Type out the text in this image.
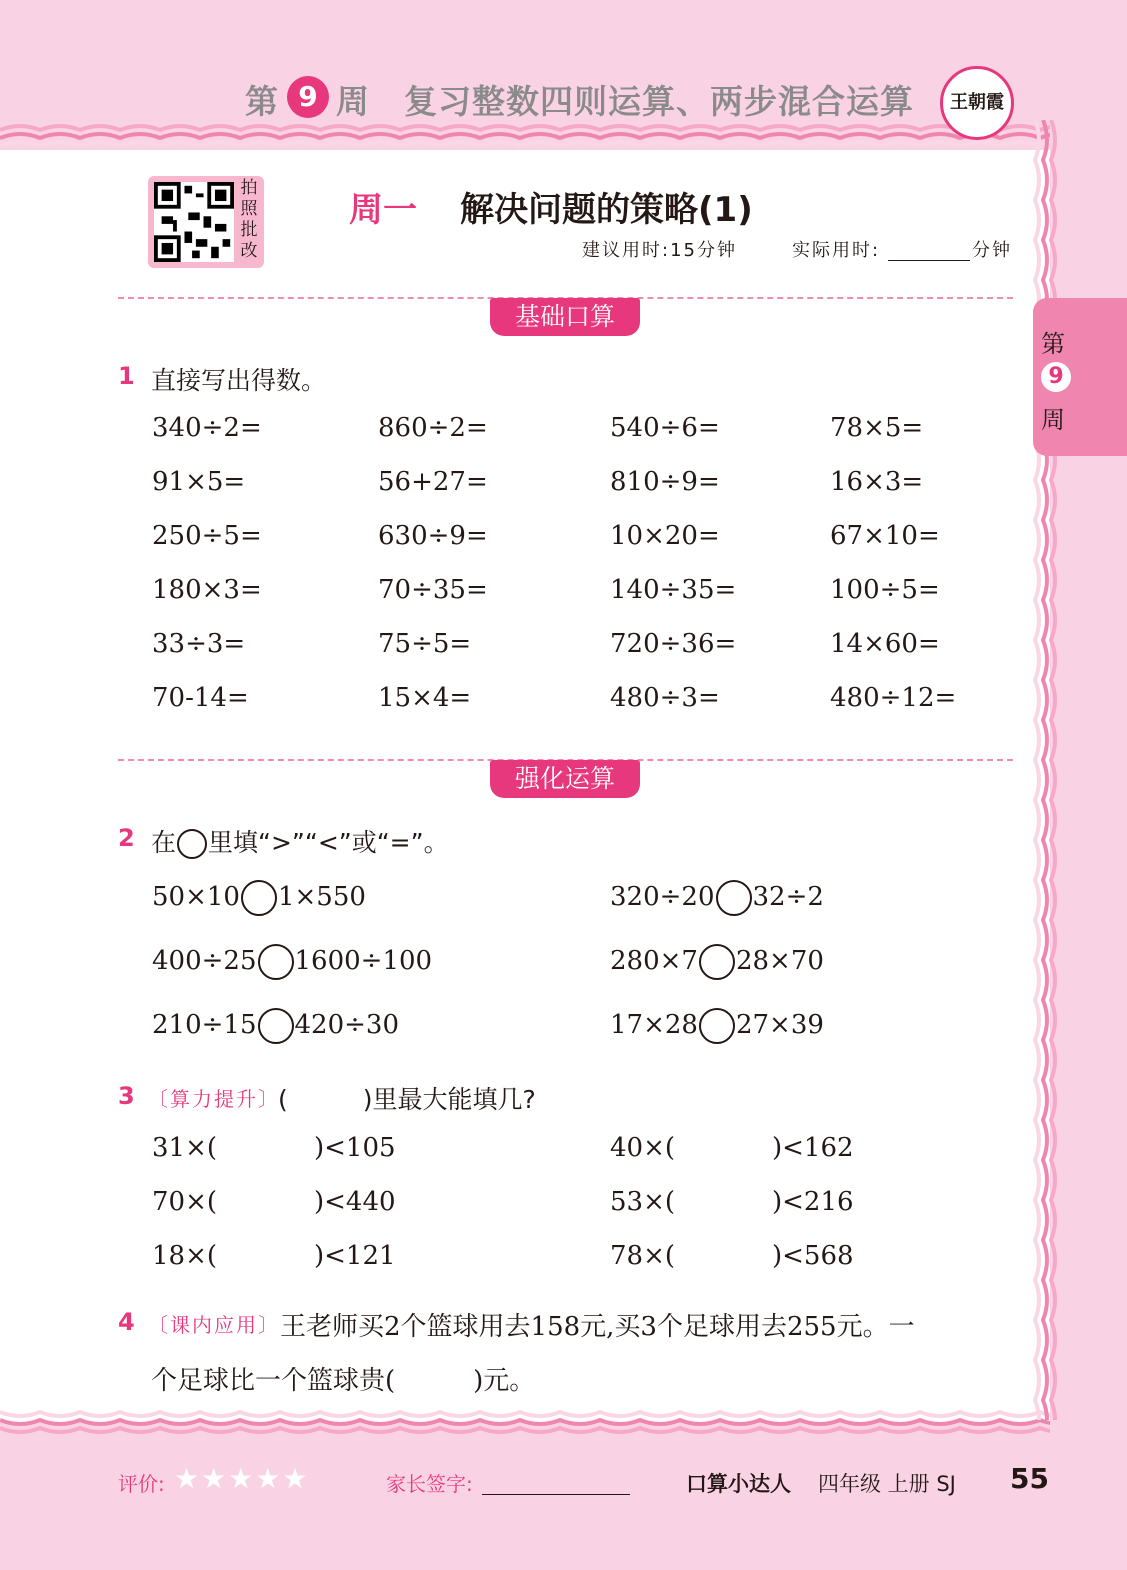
第 9 周 复习整数四则运算、两步混合运算	王朝霞
拍照批改
周一 解决问题的策略(1)
建议用时:15分钟	实际用时:	分钟
第
9
周
基础口算
1 直接写出得数。
340÷2=	860÷2=	540÷6=	78×5=
91×5=	56+27=	810÷9=	16×3=
250÷5=	630÷9=	10×20=	67×10=
180×3=	70÷35=	140÷35=	100÷5=
33÷3=	75÷5=	720÷36=	14×60=
70-14=	15×4=	480÷3=	480÷12=
强化运算
2 在 里填“>”“<”或“=”。
50×10 1×550	320÷20 32÷2
400÷25 1600÷100	280×7 28×70
210÷15 420÷30	17×28 27×39
3 〔算力提升〕
(　　　)里最大能填几?
31×(	)<105	40×(	)<162
70×(	)<440	53×(	)<216
18×(	)<121	78×(	)<568
4 〔课内应用〕 王老师买2个篮球用去158元,买3个足球用去255元。一
个足球比一个篮球贵(　　　)元。
评价: ★★★★★	家长签字:	口算小达人 四年级 上册 SJ 55
